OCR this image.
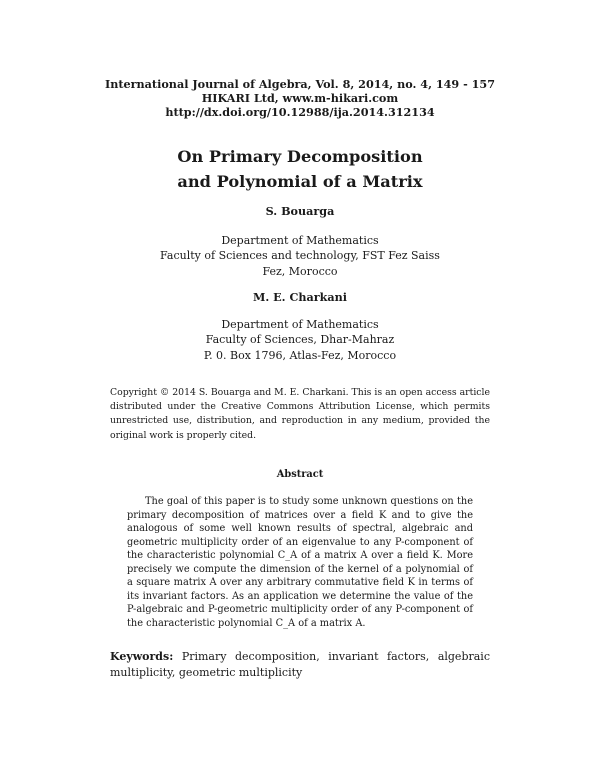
International Journal of Algebra, Vol. 8, 2014, no. 4, 149 - 157
HIKARI Ltd, www.m-hikari.com
http://dx.doi.org/10.12988/ija.2014.312134
On Primary Decomposition
and Polynomial of a Matrix
S. Bouarga
Department of Mathematics
Faculty of Sciences and technology, FST Fez Saiss
Fez, Morocco
M. E. Charkani
Department of Mathematics
Faculty of Sciences, Dhar-Mahraz
P. 0. Box 1796, Atlas-Fez, Morocco
Copyright © 2014 S. Bouarga and M. E. Charkani. This is an open access article distributed under the Creative Commons Attribution License, which permits unrestricted use, distribution, and reproduction in any medium, provided the original work is properly cited.
Abstract
The goal of this paper is to study some unknown questions on the primary decomposition of matrices over a field K and to give the analogous of some well known results of spectral, algebraic and geometric multiplicity order of an eigenvalue to any P-component of the characteristic polynomial C_A of a matrix A over a field K. More precisely we compute the dimension of the kernel of a polynomial of a square matrix A over any arbitrary commutative field K in terms of its invariant factors. As an application we determine the value of the P-algebraic and P-geometric multiplicity order of any P-component of the characteristic polynomial C_A of a matrix A.
Keywords: Primary decomposition, invariant factors, algebraic multiplicity, geometric multiplicity
